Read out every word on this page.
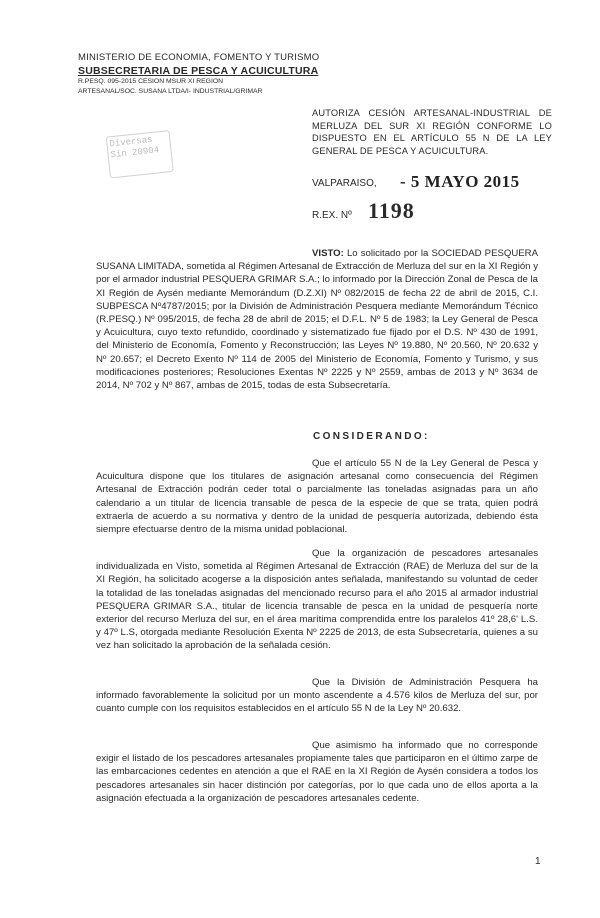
MINISTERIO DE ECONOMIA, FOMENTO Y TURISMO
SUBSECRETARIA DE PESCA Y ACUICULTURA
R.PESQ. 095-2015 CESION MSUR XI REGION
ARTESANAL/SOC. SUSANA LTDA/I- INDUSTRIAL/GRIMAR
Diversas
Sin 20904
AUTORIZA CESIÓN ARTESANAL-INDUSTRIAL DE MERLUZA DEL SUR XI REGIÓN CONFORME LO DISPUESTO EN EL ARTÍCULO 55 N DE LA LEY GENERAL DE PESCA Y ACUICULTURA.
VALPARAISO, - 5 MAYO 2015
R.EX. Nº 1198
VISTO: Lo solicitado por la SOCIEDAD PESQUERA SUSANA LIMITADA, sometida al Régimen Artesanal de Extracción de Merluza del sur en la XI Región y por el armador industrial PESQUERA GRIMAR S.A.; lo informado por la Dirección Zonal de Pesca de la XI Región de Aysén mediante Memorándum (D.Z.XI) Nº 082/2015 de fecha 22 de abril de 2015, C.I. SUBPESCA Nº4787/2015; por la División de Administración Pesquera mediante Memorándum Técnico (R.PESQ.) Nº 095/2015, de fecha 28 de abril de 2015; el D.F.L. Nº 5 de 1983; la Ley General de Pesca y Acuicultura, cuyo texto refundido, coordinado y sistematizado fue fijado por el D.S. Nº 430 de 1991, del Ministerio de Economía, Fomento y Reconstrucción; las Leyes Nº 19.880, Nº 20.560, Nº 20.632 y Nº 20.657; el Decreto Exento Nº 114 de 2005 del Ministerio de Economía, Fomento y Turismo, y sus modificaciones posteriores; Resoluciones Exentas Nº 2225 y Nº 2559, ambas de 2013 y Nº 3634 de 2014, Nº 702 y Nº 867, ambas de 2015, todas de esta Subsecretaría.
CONSIDERANDO:
Que el artículo 55 N de la Ley General de Pesca y Acuicultura dispone que los titulares de asignación artesanal como consecuencia del Régimen Artesanal de Extracción podrán ceder total o parcialmente las toneladas asignadas para un año calendario a un titular de licencia transable de pesca de la especie de que se trata, quien podrá extraerla de acuerdo a su normativa y dentro de la unidad de pesquería autorizada, debiendo ésta siempre efectuarse dentro de la misma unidad poblacional.
Que la organización de pescadores artesanales individualizada en Visto, sometida al Régimen Artesanal de Extracción (RAE) de Merluza del sur de la XI Región, ha solicitado acogerse a la disposición antes señalada, manifestando su voluntad de ceder la totalidad de las toneladas asignadas del mencionado recurso para el año 2015 al armador industrial PESQUERA GRIMAR S.A., titular de licencia transable de pesca en la unidad de pesquería norte exterior del recurso Merluza del sur, en el área marítima comprendida entre los paralelos 41º 28,6' L.S. y 47º L.S, otorgada mediante Resolución Exenta Nº 2225 de 2013, de esta Subsecretaría, quienes a su vez han solicitado la aprobación de la señalada cesión.
Que la División de Administración Pesquera ha informado favorablemente la solicitud por un monto ascendente a 4.576 kilos de Merluza del sur, por cuanto cumple con los requisitos establecidos en el artículo 55 N de la Ley Nº 20.632.
Que asimismo ha informado que no corresponde exigir el listado de los pescadores artesanales propiamente tales que participaron en el último zarpe de las embarcaciones cedentes en atención a que el RAE en la XI Región de Aysén considera a todos los pescadores artesanales sin hacer distinción por categorías, por lo que cada uno de ellos aporta a la asignación efectuada a la organización de pescadores artesanales cedente.
1
